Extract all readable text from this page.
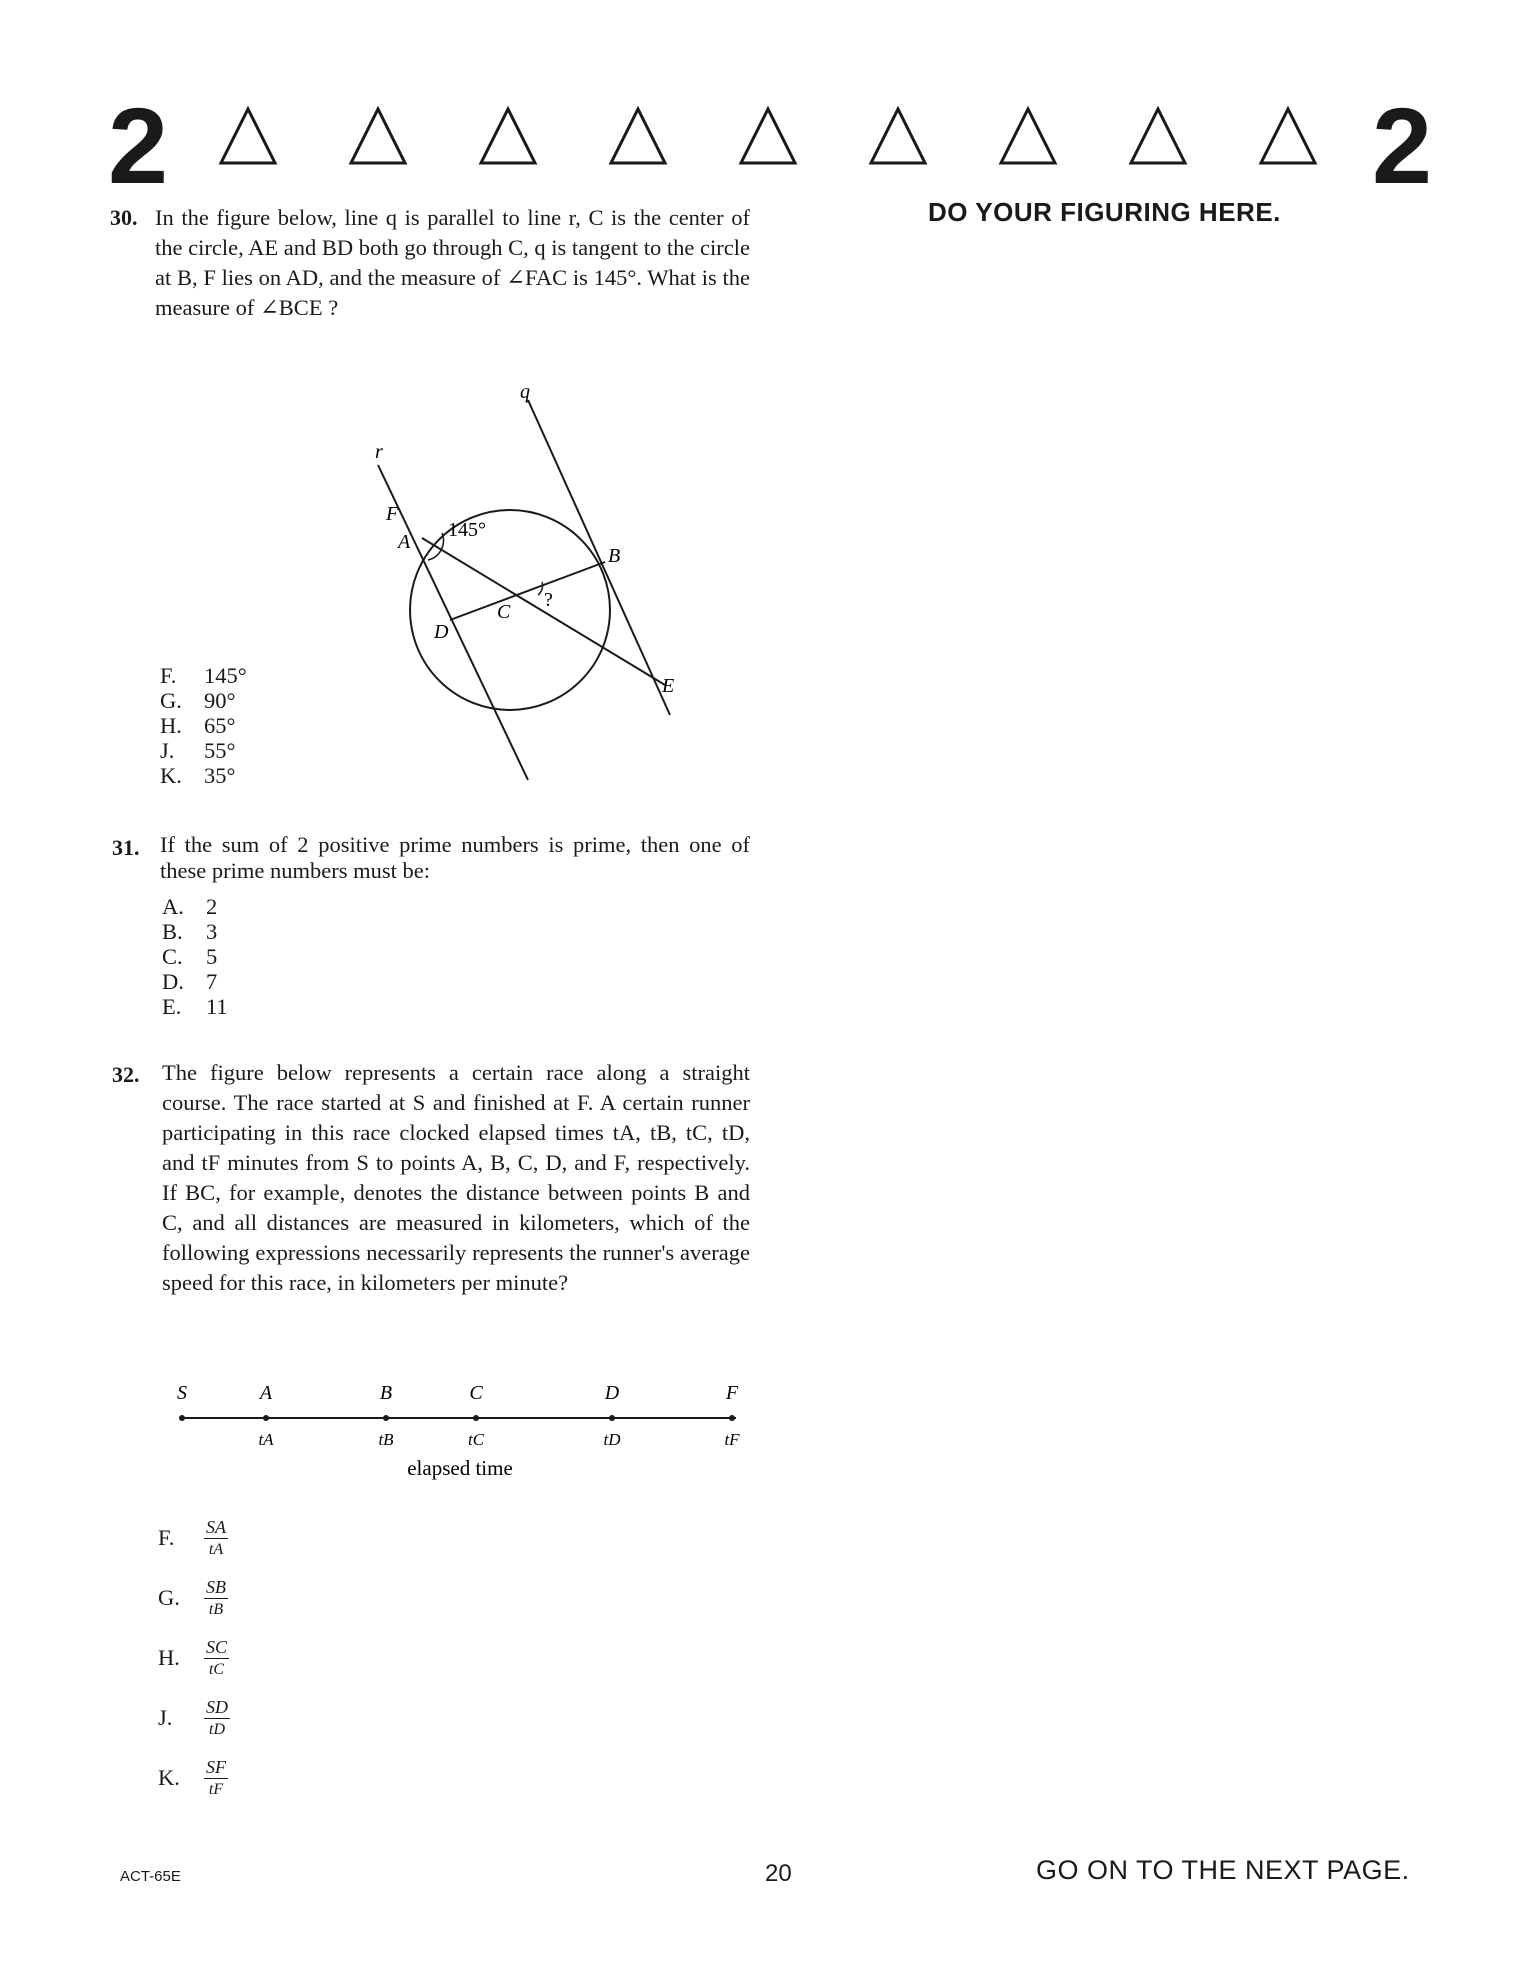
2	2
DO YOUR FIGURING HERE.
30. In the figure below, line q is parallel to line r, C is the center of the circle, AE and BD both go through C, q is tangent to the circle at B, F lies on AD, and the measure of ∠FAC is 145°. What is the measure of ∠BCE ?
q
r
F
A
145°
B
C
?
D
E
F.	145°
G. 90°
H. 65°
J.	55°
K. 35°
31. If the sum of 2 positive prime numbers is prime, then one of these prime numbers must be:
A. 2
B.	3
C.	5
D. 7
E.	11
32. The figure below represents a certain race along a straight course. The race started at S and finished at F. A certain runner participating in this race clocked elapsed times tA, tB, tC, tD, and tF minutes from S to points A, B, C, D, and F, respectively. If BC, for example, denotes the distance between points B and C, and all distances are measured in kilometers, which of the following expressions necessarily represents the runner's average speed for this race, in kilometers per minute?
S	A
tA
B
tB
C
tC
D
tD
F
tF
elapsed time
F.	$\frac{SA}{tA}$
G.	$\frac{SB}{tB}$
H.	$\frac{SC}{tC}$
J.	$\frac{SD}{tD}$
K.	$\frac{SF}{tF}$
ACT-65E	20	GO ON TO THE NEXT PAGE.
